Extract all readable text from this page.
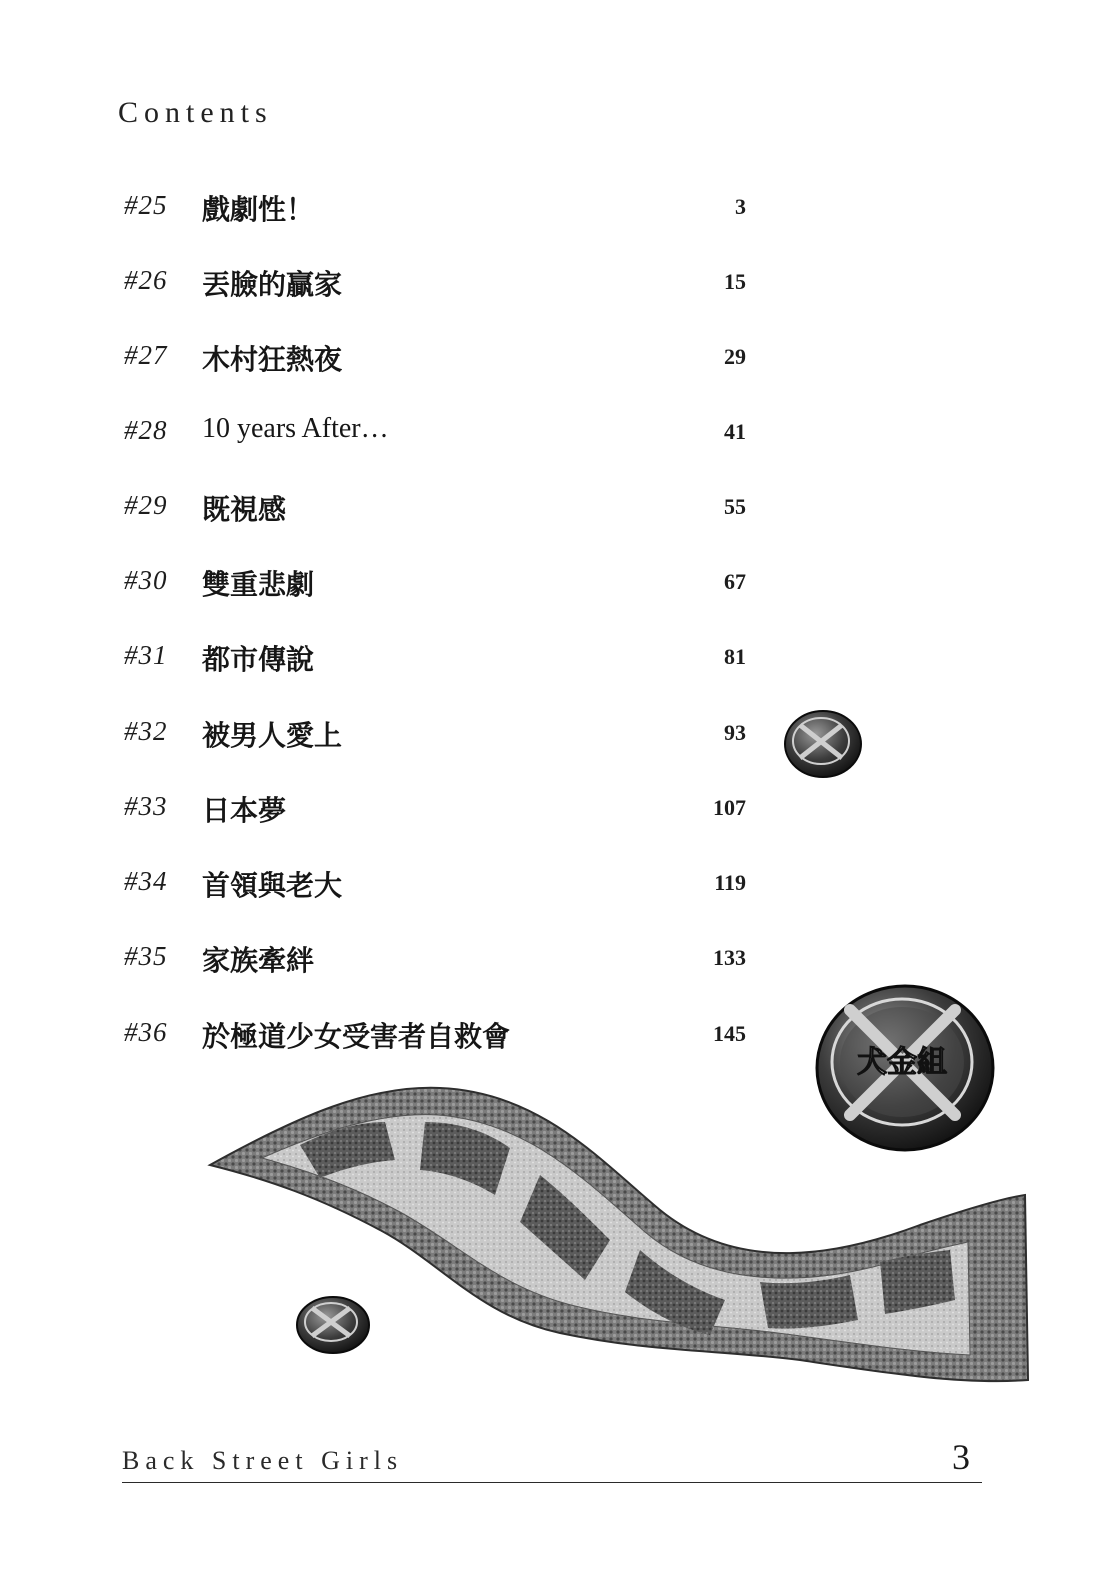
Contents
#25 戲劇性！	3
#26 丟臉的贏家	15
#27 木村狂熱夜	29
#28 10 years After…	41
#29 既視感	55
#30 雙重悲劇	67
#31 都市傳說	81
#32 被男人愛上	93
#33 日本夢	107
#34 首領與老大	119
#35 家族牽絆	133
#36 於極道少女受害者自救會	145
犬金組
Back Street Girls	3
